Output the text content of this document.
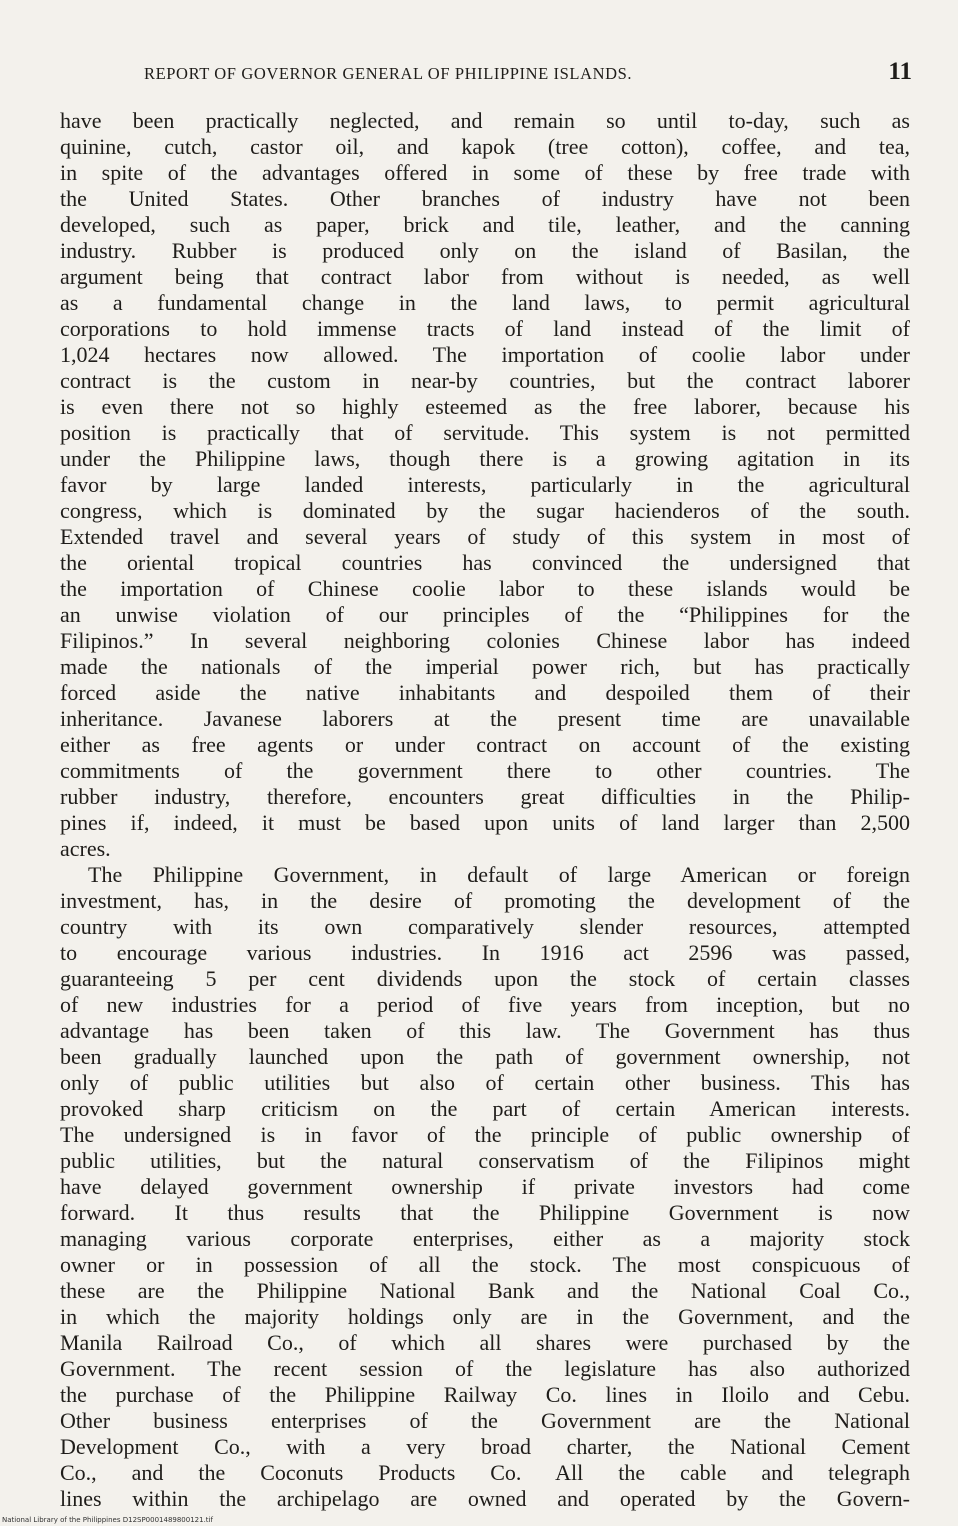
REPORT OF GOVERNOR GENERAL OF PHILIPPINE ISLANDS.	11
have been practically neglected, and remain so until to-day, such as
quinine, cutch, castor oil, and kapok (tree cotton), coffee, and tea,
in spite of the advantages offered in some of these by free trade with
the United States. Other branches of industry have not been
developed, such as paper, brick and tile, leather, and the canning
industry. Rubber is produced only on the island of Basilan, the
argument being that contract labor from without is needed, as well
as a fundamental change in the land laws, to permit agricultural
corporations to hold immense tracts of land instead of the limit of
1,024 hectares now allowed. The importation of coolie labor under
contract is the custom in near-by countries, but the contract laborer
is even there not so highly esteemed as the free laborer, because his
position is practically that of servitude. This system is not permitted
under the Philippine laws, though there is a growing agitation in its
favor by large landed interests, particularly in the agricultural
congress, which is dominated by the sugar hacienderos of the south.
Extended travel and several years of study of this system in most of
the oriental tropical countries has convinced the undersigned that
the importation of Chinese coolie labor to these islands would be
an unwise violation of our principles of the “Philippines for the
Filipinos.” In several neighboring colonies Chinese labor has indeed
made the nationals of the imperial power rich, but has practically
forced aside the native inhabitants and despoiled them of their
inheritance. Javanese laborers at the present time are unavailable
either as free agents or under contract on account of the existing
commitments of the government there to other countries. The
rubber industry, therefore, encounters great difficulties in the Philip-
pines if, indeed, it must be based upon units of land larger than 2,500
acres.
The Philippine Government, in default of large American or foreign
investment, has, in the desire of promoting the development of the
country with its own comparatively slender resources, attempted
to encourage various industries. In 1916 act 2596 was passed,
guaranteeing 5 per cent dividends upon the stock of certain classes
of new industries for a period of five years from inception, but no
advantage has been taken of this law. The Government has thus
been gradually launched upon the path of government ownership, not
only of public utilities but also of certain other business. This has
provoked sharp criticism on the part of certain American interests.
The undersigned is in favor of the principle of public ownership of
public utilities, but the natural conservatism of the Filipinos might
have delayed government ownership if private investors had come
forward. It thus results that the Philippine Government is now
managing various corporate enterprises, either as a majority stock
owner or in possession of all the stock. The most conspicuous of
these are the Philippine National Bank and the National Coal Co.,
in which the majority holdings only are in the Government, and the
Manila Railroad Co., of which all shares were purchased by the
Government. The recent session of the legislature has also authorized
the purchase of the Philippine Railway Co. lines in Iloilo and Cebu.
Other business enterprises of the Government are the National
Development Co., with a very broad charter, the National Cement
Co., and the Coconuts Products Co. All the cable and telegraph
lines within the archipelago are owned and operated by the Govern-
National Library of the Philippines D12SP0001489800121.tif
